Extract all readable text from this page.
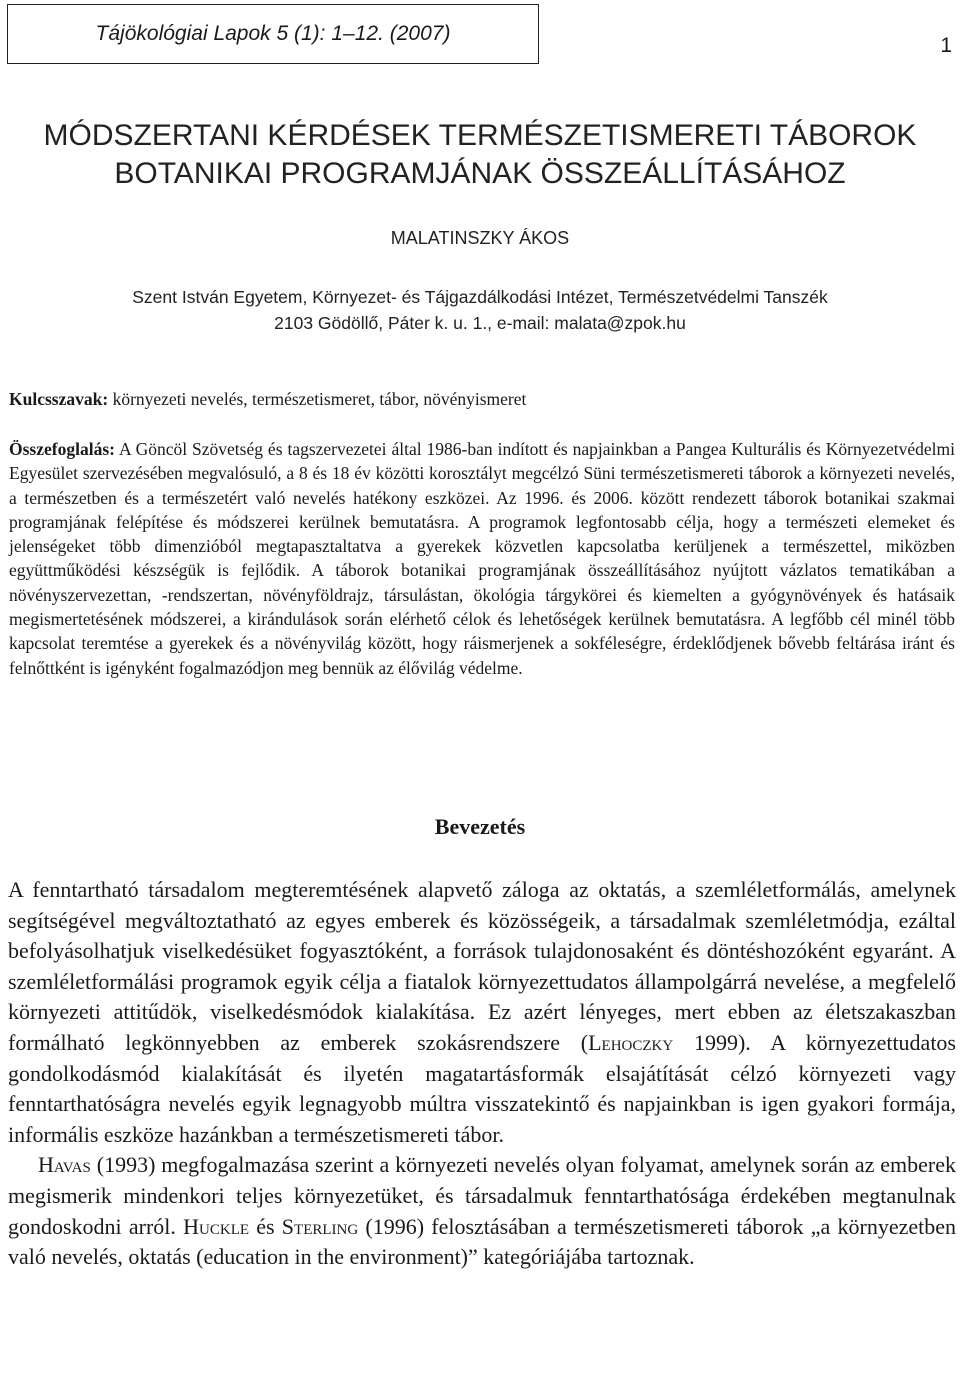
Tájökológiai Lapok 5 (1): 1–12. (2007)
1
MÓDSZERTANI KÉRDÉSEK TERMÉSZETISMERETI TÁBOROK
BOTANIKAI PROGRAMJÁNAK ÖSSZEÁLLÍTÁSÁHOZ
MALATINSZKY ÁKOS
Szent István Egyetem, Környezet- és Tájgazdálkodási Intézet, Természetvédelmi Tanszék
2103 Gödöllő, Páter k. u. 1., e-mail: malata@zpok.hu
Kulcsszavak: környezeti nevelés, természetismeret, tábor, növényismeret
Összefoglalás: A Göncöl Szövetség és tagszervezetei által 1986-ban indított és napjainkban a Pangea Kulturális és Környezetvédelmi Egyesület szervezésében megvalósuló, a 8 és 18 év közötti korosztályt megcélzó Süni természetismereti táborok a környezeti nevelés, a természetben és a természetért való nevelés hatékony eszközei. Az 1996. és 2006. között rendezett táborok botanikai szakmai programjának felépítése és módszerei kerülnek bemutatásra. A programok legfontosabb célja, hogy a természeti elemeket és jelenségeket több dimenzióból megtapasztaltatva a gyerekek közvetlen kapcsolatba kerüljenek a természettel, miközben együttműködési készségük is fejlődik. A táborok botanikai programjának összeállításához nyújtott vázlatos tematikában a növényszervezettan, -rendszertan, növényföldrajz, társulástan, ökológia tárgykörei és kiemelten a gyógynövények és hatásaik megismertetésének módszerei, a kirándulások során elérhető célok és lehetőségek kerülnek bemutatásra. A legfőbb cél minél több kapcsolat teremtése a gyerekek és a növényvilág között, hogy ráismerjenek a sokféleségre, érdeklődjenek bővebb feltárása iránt és felnőttként is igényként fogalmazódjon meg bennük az élővilág védelme.
Bevezetés

A fenntartható társadalom megteremtésének alapvető záloga az oktatás, a szemléletformálás, amelynek segítségével megváltoztatható az egyes emberek és közösségeik, a társadalmak szemléletmódja, ezáltal befolyásolhatjuk viselkedésüket fogyasztóként, a források tulajdonosaként és döntéshozóként egyaránt. A szemléletformálási programok egyik célja a fiatalok környezettudatos állampolgárrá nevelése, a megfelelő környezeti attitűdök, viselkedésmódok kialakítása. Ez azért lényeges, mert ebben az életszakaszban formálható legkönnyebben az emberek szokásrendszere (Lehoczky 1999). A környezettudatos gondolkodásmód kialakítását és ilyetén magatartásformák elsajátítását célzó környezeti vagy fenntarthatóságra nevelés egyik legnagyobb múltra visszatekintő és napjainkban is igen gyakori formája, informális eszköze hazánkban a természetismereti tábor.

Havas (1993) megfogalmazása szerint a környezeti nevelés olyan folyamat, amelynek során az emberek megismerik mindenkori teljes környezetüket, és társadalmuk fenntarthatósága érdekében megtanulnak gondoskodni arról. Huckle és Sterling (1996) felosztásában a természetismereti táborok „a környezetben való nevelés, oktatás (education in the environment)” kategóriájába tartoznak.
